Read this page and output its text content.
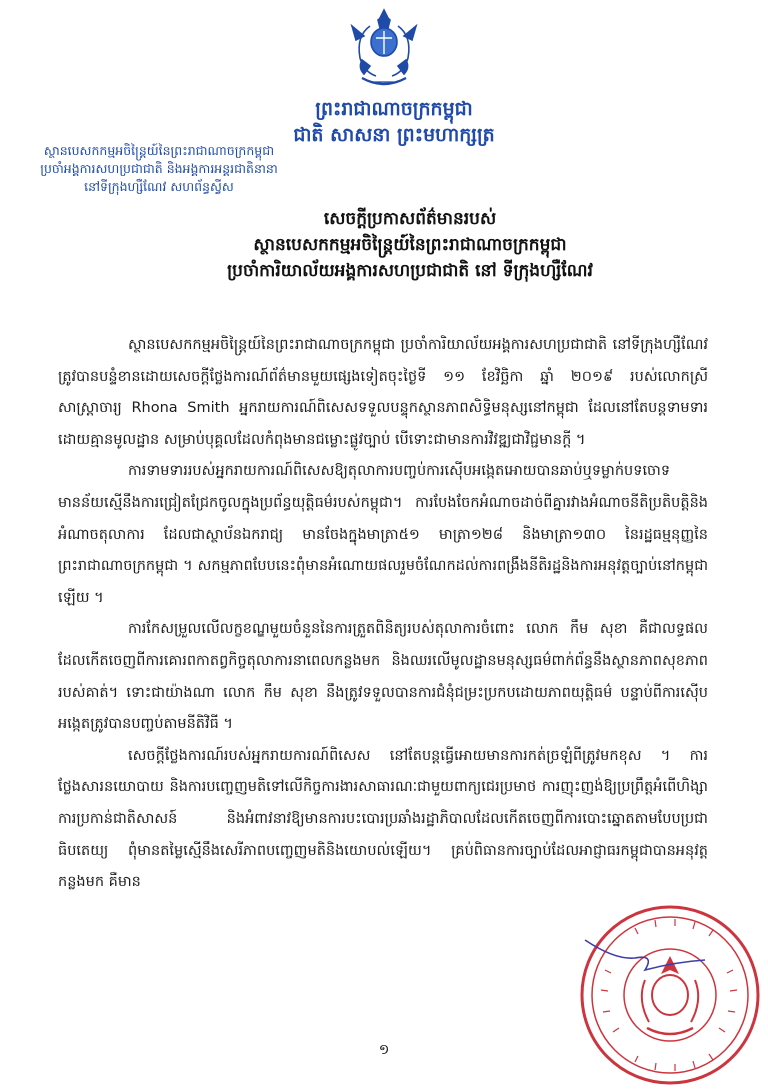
ព្រះរាជាណាចក្រកម្ពុជា
ជាតិ សាសនា ព្រះមហាក្សត្រ
ស្ថានបេសកកម្មអចិន្ត្រៃយ៍នៃព្រះរាជាណាចក្រកម្ពុជា
ប្រចាំអង្គការសហប្រជាជាតិ និងអង្គការអន្តរជាតិនានា
នៅទីក្រុងហ្សឺណែវ សហព័ន្ធស្វីស
សេចក្តីប្រកាសព័ត៌មានរបស់
ស្ថានបេសកកម្មអចិន្ត្រៃយ៍នៃព្រះរាជាណាចក្រកម្ពុជា
ប្រចាំការិយាល័យអង្គការសហប្រជាជាតិ នៅ ទីក្រុងហ្សឺណែវ

ស្ថានបេសកកម្មអចិន្ត្រៃយ៍នៃព្រះរាជាណាចក្រកម្ពុជា ប្រចាំការិយាល័យអង្គការសហប្រជាជាតិ នៅទីក្រុងហ្សឺណែវ ត្រូវបានបន្ទំខានដោយសេចក្តីថ្លែងការណ៍ព័ត៌មានមួយផ្សេងទៀតចុះថ្ងៃទី ១១ ខែវិច្ឆិកា ឆ្នាំ ២០១៩ របស់លោកស្រីសាស្ត្រាចារ្យ Rhona Smith អ្នករាយការណ៍ពិសេសទទួលបន្ទុកស្ថានភាពសិទ្ធិមនុស្សនៅកម្ពុជា ដែលនៅតែបន្តទាមទារដោយគ្មានមូលដ្ឋាន សម្រាប់បុគ្គលដែលកំពុងមានជម្លោះផ្លូវច្បាប់ បើទោះជាមានការវិវឌ្ឍជាវិជ្ជមានក្តី ។

ការទាមទាររបស់អ្នករាយការណ៍ពិសេសឱ្យតុលាការបញ្ចប់ការស៊ើបអង្កេតអោយបានឆាប់ឬទម្លាក់បទចោទ មានន័យស្មើនឹងការជ្រៀតជ្រែកចូលក្នុងប្រព័ន្ធយុត្តិធម៌របស់កម្ពុជា។ ការបែងចែកអំណាចដាច់ពីគ្នារវាងអំណាចនីតិប្រតិបត្តិនិងអំណាចតុលាការ ដែលជាស្ថាប័នឯករាជ្យ មានចែងក្នុងមាត្រា៥១ មាត្រា១២៨ និងមាត្រា១៣០ នៃរដ្ឋធម្មនុញ្ញនៃព្រះរាជាណាចក្រកម្ពុជា ។ សកម្មភាពបែបនេះពុំមានអំណោយផលរួមចំណែកដល់ការពង្រឹងនីតិរដ្ឋនិងការអនុវត្តច្បាប់នៅកម្ពុជាឡើយ ។

ការកែសម្រួលលើលក្ខខណ្ឌមួយចំនួននៃការត្រួតពិនិត្យរបស់តុលាការចំពោះ លោក កឹម សុខា គឺជាលទ្ធផលដែលកើតចេញពីការគោរពកាតព្វកិច្ចតុលាការនាពេលកន្លងមក និងឈរលើមូលដ្ឋានមនុស្សធម៌ពាក់ព័ន្ធនឹងស្ថានភាពសុខភាពរបស់គាត់។ ទោះជាយ៉ាងណា លោក កឹម សុខា នឹងត្រូវទទួលបានការជំនុំជម្រះប្រកបដោយភាពយុត្តិធម៌ បន្ទាប់ពីការស៊ើបអង្កេតត្រូវបានបញ្ចប់តាមនីតិវិធី ។

សេចក្តីថ្លែងការណ៍របស់អ្នករាយការណ៍ពិសេស នៅតែបន្តធ្វើអោយមានការកត់ច្រឡំពីត្រូវមកខុស ។ ការថ្លែងសារនយោបាយ និងការបញ្ចេញមតិទៅលើកិច្ចការងារសាធារណៈជាមួយពាក្យជេរប្រមាថ ការញុះញង់ឱ្យប្រព្រឹត្តអំពើហិង្សា ការប្រកាន់ជាតិសាសន៍ និងអំពាវនាវឱ្យមានការបះបោរប្រឆាំងរដ្ឋាភិបាលដែលកើតចេញពីការបោះឆ្នោតតាមបែបប្រជាធិបតេយ្យ ពុំមានតម្លៃស្មើនឹងសេរីភាពបញ្ចេញមតិនិងយោបល់ឡើយ។ គ្រប់ពិធានការច្បាប់ដែលអាជ្ញាធរកម្ពុជាបានអនុវត្តកន្លងមក គឺមាន

១
